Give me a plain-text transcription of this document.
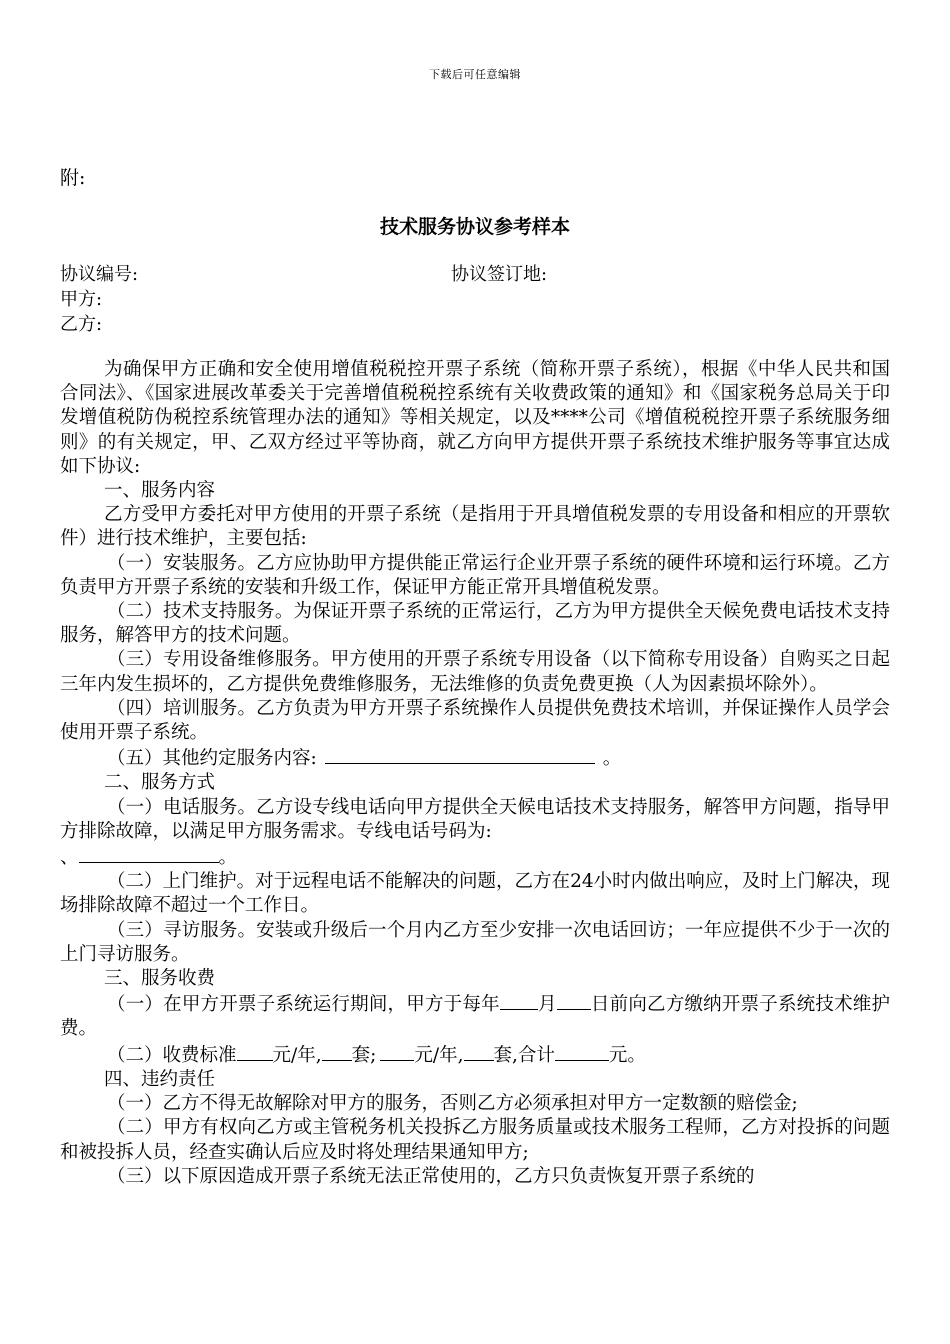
下载后可任意编辑
附:
技术服务协议参考样本
协议编号:	协议签订地:
甲方:
乙方:
为确保甲方正确和安全使用增值税税控开票子系统（简称开票子系统），根据《中华人民共和国合同法》、《国家进展改革委关于完善增值税税控系统有关收费政策的通知》和《国家税务总局关于印发增值税防伪税控系统管理办法的通知》等相关规定，以及****公司《增值税税控开票子系统服务细则》的有关规定，甲、乙双方经过平等协商，就乙方向甲方提供开票子系统技术维护服务等事宜达成如下协议:
一、服务内容
乙方受甲方委托对甲方使用的开票子系统（是指用于开具增值税发票的专用设备和相应的开票软件）进行技术维护，主要包括:
（一）安装服务。乙方应协助甲方提供能正常运行企业开票子系统的硬件环境和运行环境。乙方负责甲方开票子系统的安装和升级工作，保证甲方能正常开具增值税发票。
（二）技术支持服务。为保证开票子系统的正常运行，乙方为甲方提供全天候免费电话技术支持服务，解答甲方的技术问题。
（三）专用设备维修服务。甲方使用的开票子系统专用设备（以下简称专用设备）自购买之日起三年内发生损坏的，乙方提供免费维修服务，无法维修的负责免费更换（人为因素损坏除外）。
（四）培训服务。乙方负责为甲方开票子系统操作人员提供免费技术培训，并保证操作人员学会使用开票子系统。
（五）其他约定服务内容:	。
二、服务方式
（一）电话服务。乙方设专线电话向甲方提供全天候电话技术支持服务，解答甲方问题，指导甲方排除故障，以满足甲方服务需求。专线电话号码为:
、	。
（二）上门维护。对于远程电话不能解决的问题，乙方在24小时内做出响应，及时上门解决，现场排除故障不超过一个工作日。
（三）寻访服务。安装或升级后一个月内乙方至少安排一次电话回访；一年应提供不少于一次的上门寻访服务。
三、服务收费
（一）在甲方开票子系统运行期间，甲方于每年 月 日前向乙方缴纳开票子系统技术维护费。
（二）收费标准 元/年, 套; 元/年, 套,合计	元。
四、违约责任
（一）乙方不得无故解除对甲方的服务，否则乙方必须承担对甲方一定数额的赔偿金;
（二）甲方有权向乙方或主管税务机关投拆乙方服务质量或技术服务工程师，乙方对投拆的问题和被投拆人员，经查实确认后应及时将处理结果通知甲方;
（三）以下原因造成开票子系统无法正常使用的，乙方只负责恢复开票子系统的
